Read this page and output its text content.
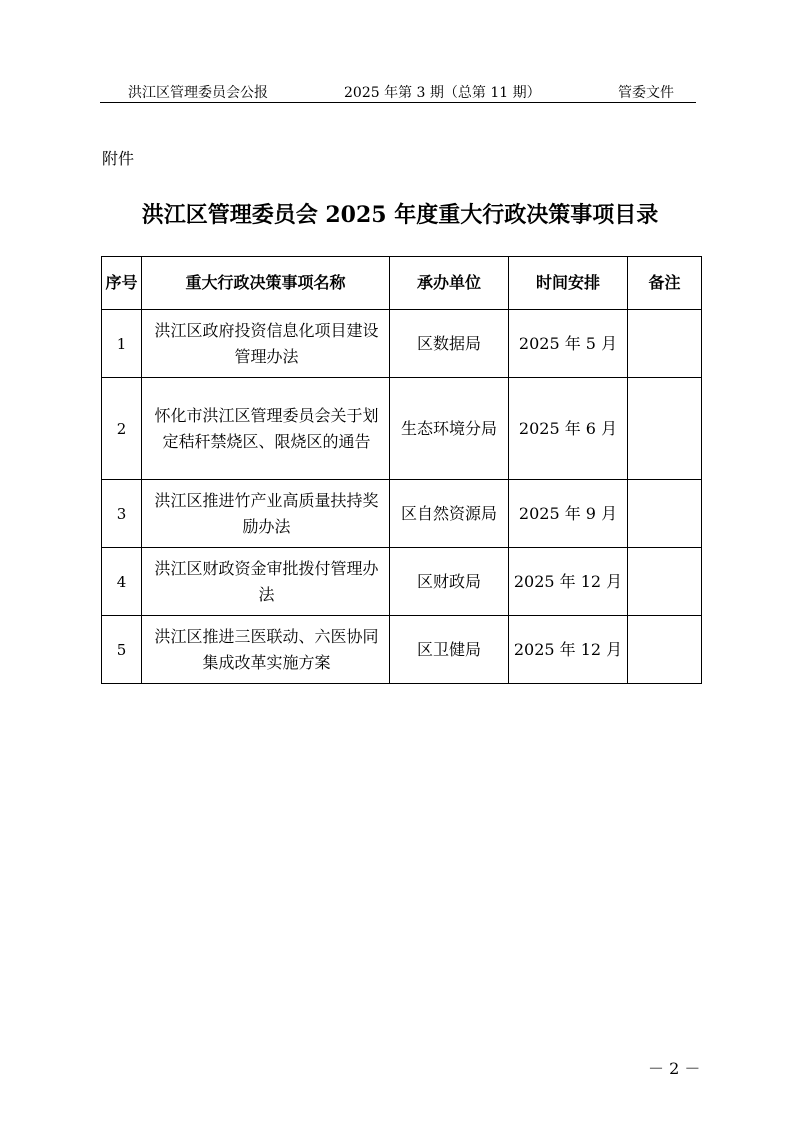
洪江区管理委员会公报	2025 年第 3 期（总第 11 期）	管委文件
附件
洪江区管理委员会 2025 年度重大行政决策事项目录
序号	重大行政决策事项名称	承办单位	时间安排	备注
1	洪江区政府投资信息化项目建设管理办法	区数据局	2025 年 5 月	
2	怀化市洪江区管理委员会关于划定秸秆禁烧区、限烧区的通告	生态环境分局	2025 年 6 月	
3	洪江区推进竹产业高质量扶持奖励办法	区自然资源局	2025 年 9 月	
4	洪江区财政资金审批拨付管理办法	区财政局	2025 年 12 月	
5	洪江区推进三医联动、六医协同集成改革实施方案	区卫健局	2025 年 12 月	
－ 2 －
